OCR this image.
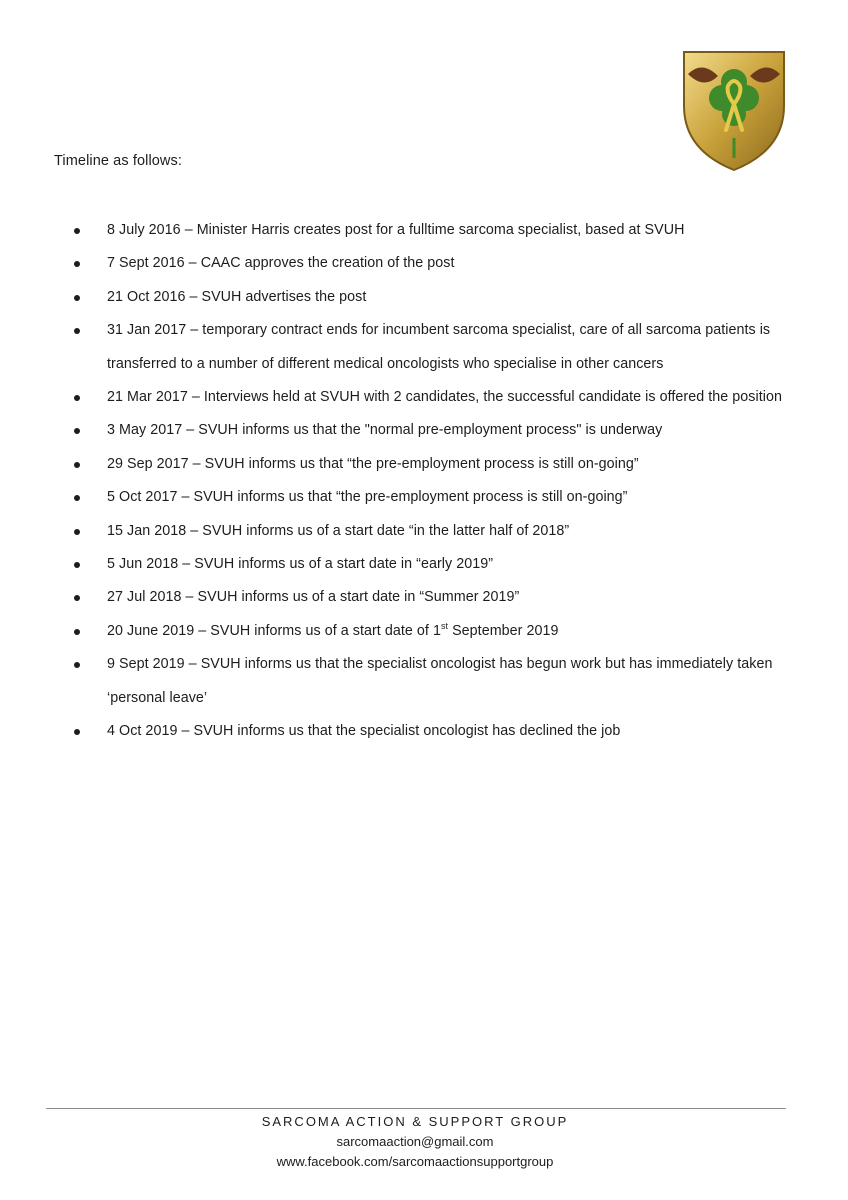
Timeline as follows:
8 July 2016 – Minister Harris creates post for a fulltime sarcoma specialist, based at SVUH
7 Sept 2016 – CAAC approves the creation of the post
21 Oct 2016 – SVUH advertises the post
31 Jan 2017 – temporary contract ends for incumbent sarcoma specialist, care of all sarcoma patients is transferred to a number of different medical oncologists who specialise in other cancers
21 Mar 2017 – Interviews held at SVUH with 2 candidates, the successful candidate is offered the position
3 May 2017 – SVUH informs us that the "normal pre-employment process" is underway
29 Sep 2017 – SVUH informs us that “the pre-employment process is still on-going”
5 Oct 2017 – SVUH informs us that “the pre-employment process is still on-going”
15 Jan 2018 – SVUH informs us of a start date “in the latter half of 2018”
5 Jun 2018 – SVUH informs us of a start date in “early 2019”
27 Jul 2018 – SVUH informs us of a start date in “Summer 2019”
20 June 2019 – SVUH informs us of a start date of 1st September 2019
9 Sept 2019 – SVUH informs us that the specialist oncologist has begun work but has immediately taken ‘personal leave’
4 Oct 2019 – SVUH informs us that the specialist oncologist has declined the job
SARCOMA ACTION & SUPPORT GROUP
sarcomaaction@gmail.com
www.facebook.com/sarcomaactionsupportgroup
